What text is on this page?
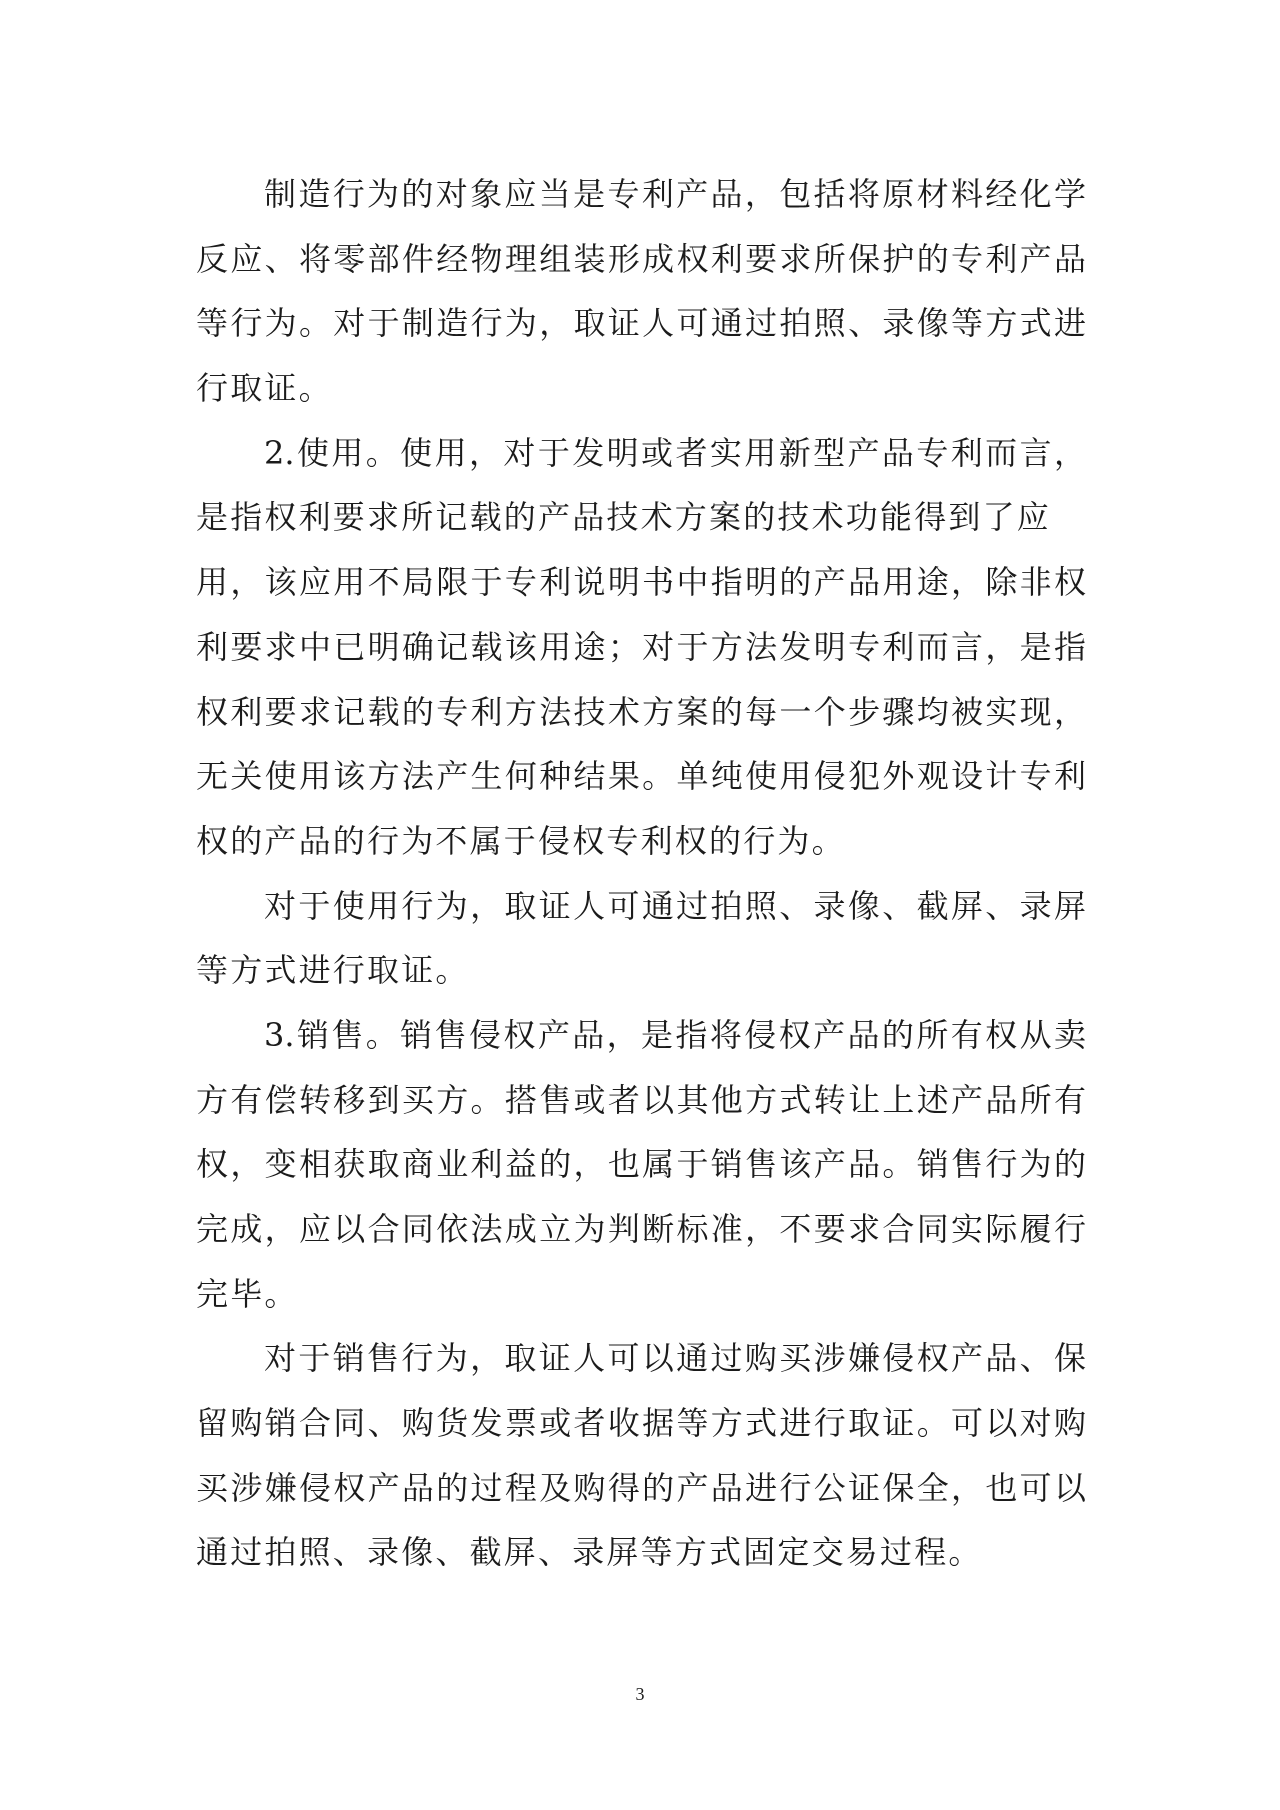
制造行为的对象应当是专利产品，包括将原材料经化学
反应、将零部件经物理组装形成权利要求所保护的专利产品
等行为。对于制造行为，取证人可通过拍照、录像等方式进
行取证。
2.使用。使用，对于发明或者实用新型产品专利而言，
是指权利要求所记载的产品技术方案的技术功能得到了应
用，该应用不局限于专利说明书中指明的产品用途，除非权
利要求中已明确记载该用途；对于方法发明专利而言，是指
权利要求记载的专利方法技术方案的每一个步骤均被实现，
无关使用该方法产生何种结果。单纯使用侵犯外观设计专利
权的产品的行为不属于侵权专利权的行为。
对于使用行为，取证人可通过拍照、录像、截屏、录屏
等方式进行取证。
3.销售。销售侵权产品，是指将侵权产品的所有权从卖
方有偿转移到买方。搭售或者以其他方式转让上述产品所有
权，变相获取商业利益的，也属于销售该产品。销售行为的
完成，应以合同依法成立为判断标准，不要求合同实际履行
完毕。
对于销售行为，取证人可以通过购买涉嫌侵权产品、保
留购销合同、购货发票或者收据等方式进行取证。可以对购
买涉嫌侵权产品的过程及购得的产品进行公证保全，也可以
通过拍照、录像、截屏、录屏等方式固定交易过程。
3
